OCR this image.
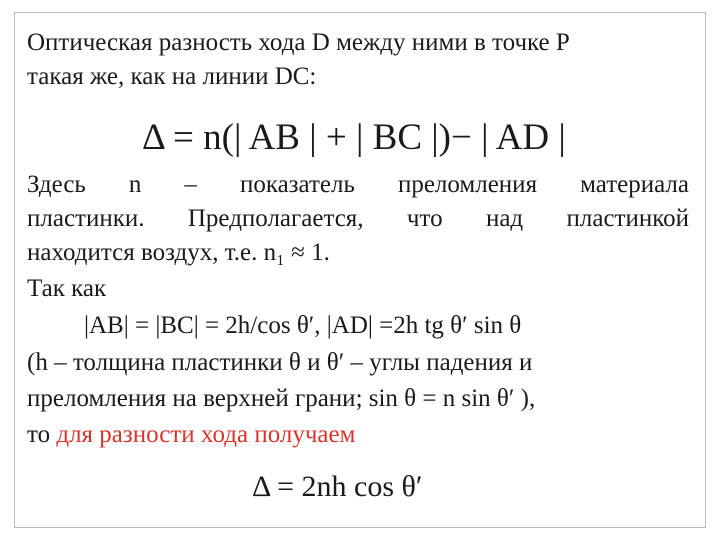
Оптическая разность хода D между ними в точке P
такая же, как на линии DC:
Δ = n(| AB | + | BC |)− | AD |
Здесь n – показатель преломления материала
пластинки. Предполагается, что над пластинкой
находится воздух, т.е. n₁ ≈ 1.
Так как
|AB| = |BC| = 2h/cos θ′, |AD| =2h tg θ′ sin θ
(h – толщина пластинки θ и θ′ – углы падения и
преломления на верхней грани; sin θ = n sin θ′ ),
то для разности хода получаем
Δ = 2nh cos θ′
